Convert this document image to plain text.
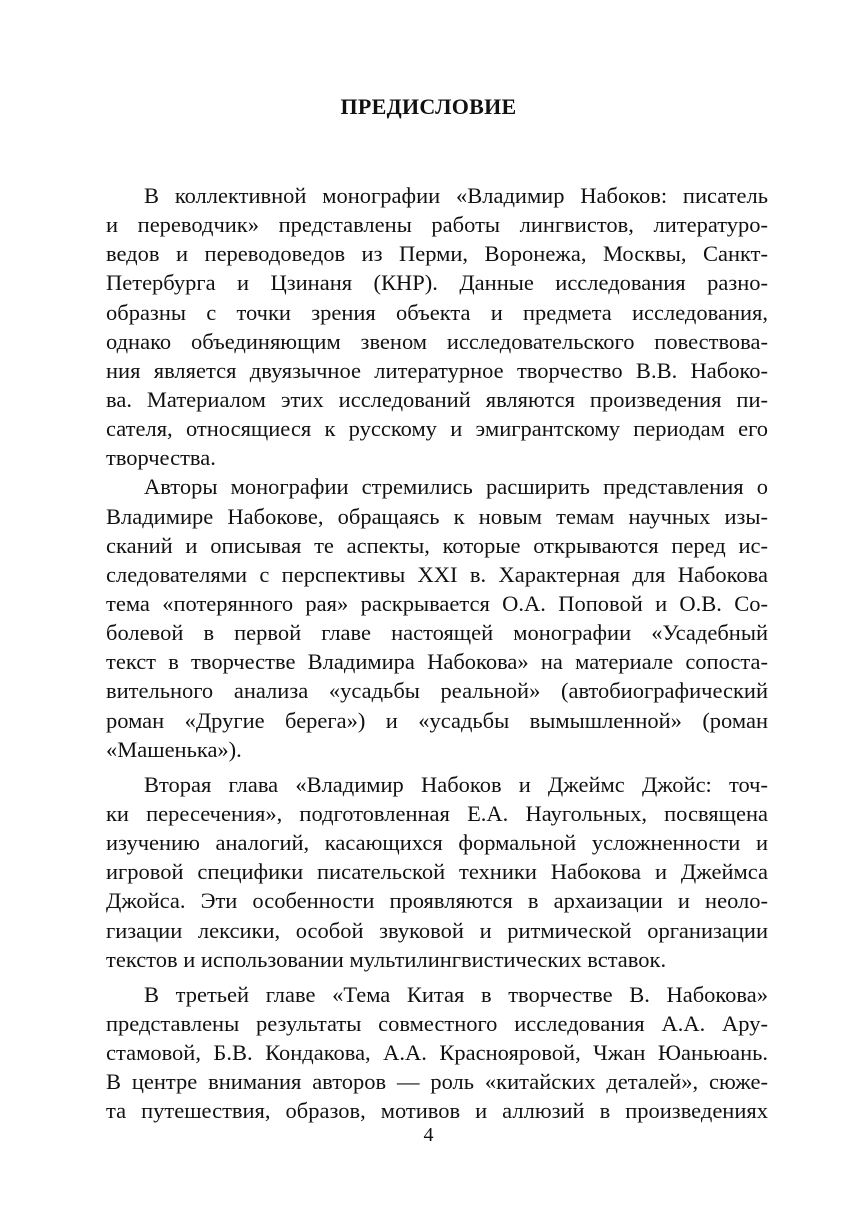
ПРЕДИСЛОВИЕ
В коллективной монографии «Владимир Набоков: писатель
и переводчик» представлены работы лингвистов, литературо-
ведов и переводоведов из Перми, Воронежа, Москвы, Санкт-
Петербурга и Цзинаня (КНР). Данные исследования разно-
образны с точки зрения объекта и предмета исследования,
однако объединяющим звеном исследовательского повествова-
ния является двуязычное литературное творчество В.В. Набоко-
ва. Материалом этих исследований являются произведения пи-
сателя, относящиеся к русскому и эмигрантскому периодам его
творчества.
Авторы монографии стремились расширить представления о
Владимире Набокове, обращаясь к новым темам научных изы-
сканий и описывая те аспекты, которые открываются перед ис-
следователями с перспективы XXI в. Характерная для Набокова
тема «потерянного рая» раскрывается О.А. Поповой и О.В. Со-
болевой в первой главе настоящей монографии «Усадебный
текст в творчестве Владимира Набокова» на материале сопоста-
вительного анализа «усадьбы реальной» (автобиографический
роман «Другие берега») и «усадьбы вымышленной» (роман
«Машенька»).
Вторая глава «Владимир Набоков и Джеймс Джойс: точ-
ки пересечения», подготовленная Е.А. Наугольных, посвящена
изучению аналогий, касающихся формальной усложненности и
игровой специфики писательской техники Набокова и Джеймса
Джойса. Эти особенности проявляются в архаизации и неоло-
гизации лексики, особой звуковой и ритмической организации
текстов и использовании мультилингвистических вставок.
В третьей главе «Тема Китая в творчестве В. Набокова»
представлены результаты совместного исследования А.А. Ару-
стамовой, Б.В. Кондакова, А.А. Краснояровой, Чжан Юаньюань.
В центре внимания авторов — роль «китайских деталей», сюже-
та путешествия, образов, мотивов и аллюзий в произведениях
4
